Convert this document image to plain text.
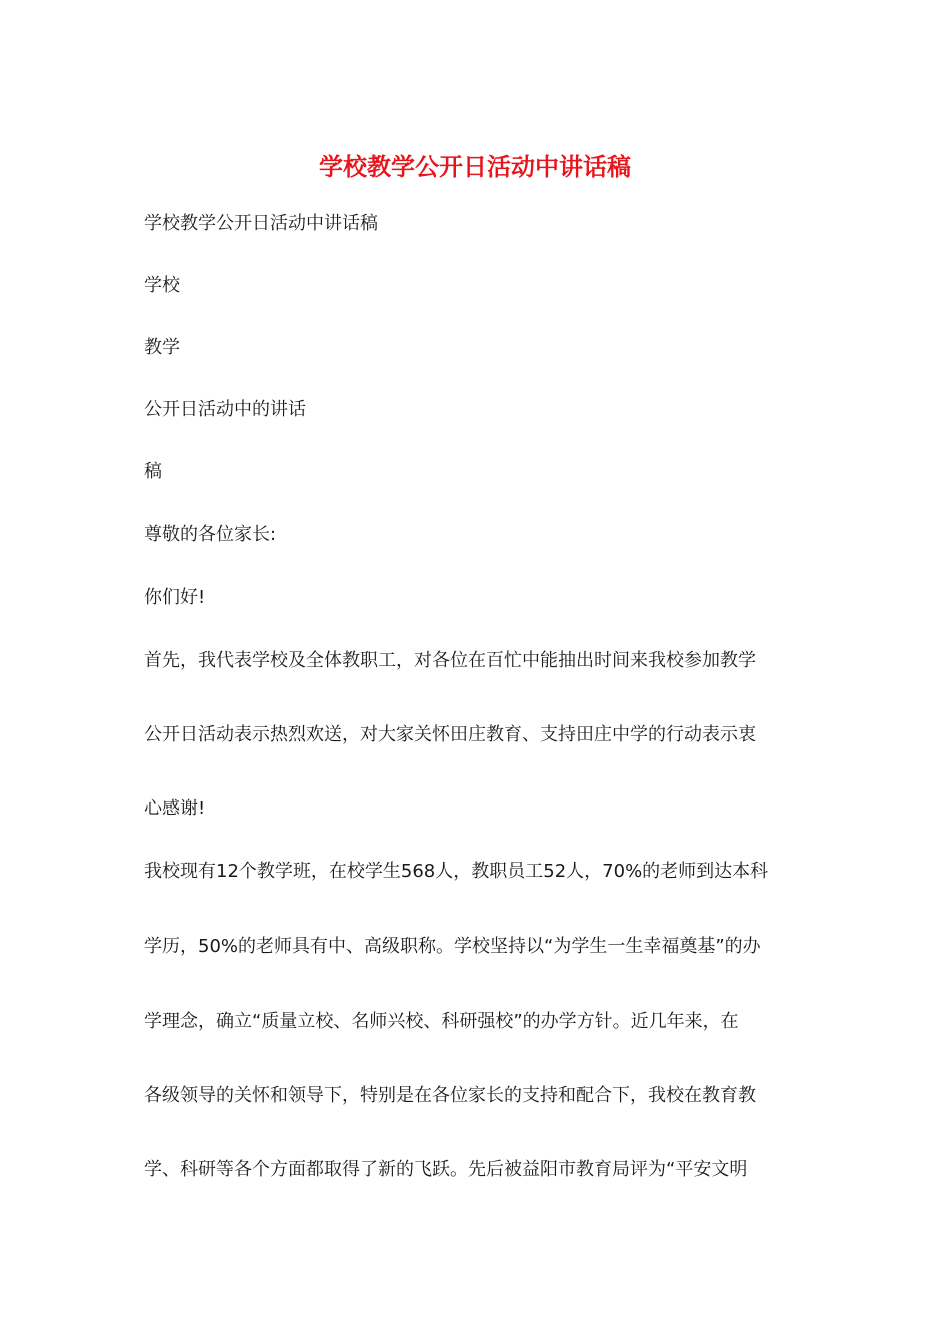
学校教学公开日活动中讲话稿

学校教学公开日活动中讲话稿

学校

教学

公开日活动中的讲话

稿

尊敬的各位家长:

你们好!

首先，我代表学校及全体教职工，对各位在百忙中能抽出时间来我校参加教学

公开日活动表示热烈欢送，对大家关怀田庄教育、支持田庄中学的行动表示衷

心感谢!

我校现有12个教学班，在校学生568人，教职员工52人，70%的老师到达本科

学历，50%的老师具有中、高级职称。学校坚持以“为学生一生幸福奠基”的办

学理念，确立“质量立校、名师兴校、科研强校”的办学方针。近几年来，在

各级领导的关怀和领导下，特别是在各位家长的支持和配合下，我校在教育教

学、科研等各个方面都取得了新的飞跃。先后被益阳市教育局评为“平安文明
